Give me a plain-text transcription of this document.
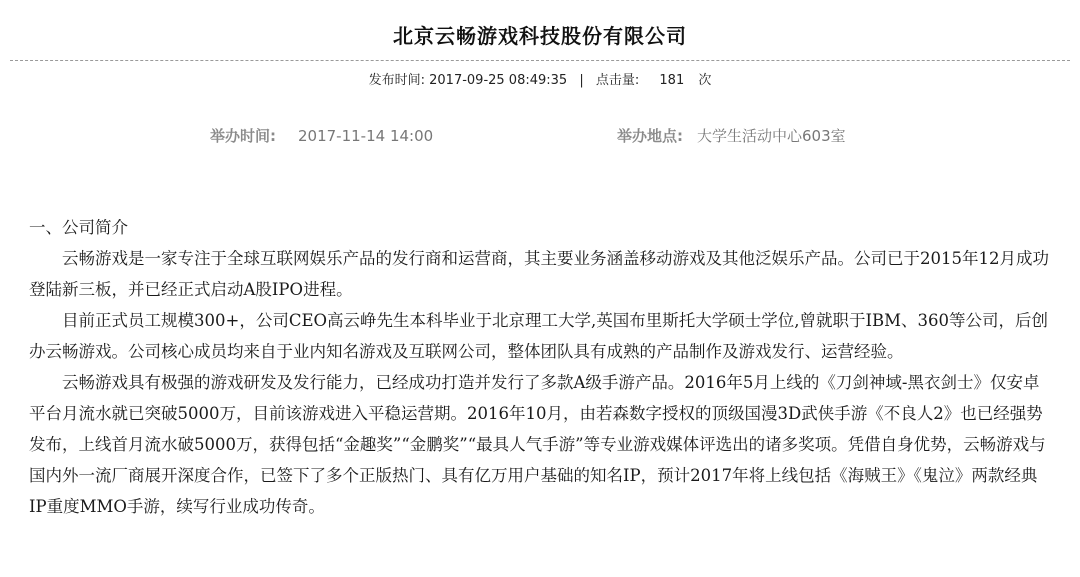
北京云畅游戏科技股份有限公司
发布时间: 2017-09-25 08:49:35 | 点击量: 181 次
举办时间: 2017-11-14 14:00	举办地点: 大学生活动中心603室

一、公司简介

云畅游戏是一家专注于全球互联网娱乐产品的发行商和运营商，其主要业务涵盖移动游戏及其他泛娱乐产品。公司已于2015年12月成功登陆新三板，并已经正式启动A股IPO进程。

目前正式员工规模300+，公司CEO高云峥先生本科毕业于北京理工大学,英国布里斯托大学硕士学位,曾就职于IBM、360等公司，后创办云畅游戏。公司核心成员均来自于业内知名游戏及互联网公司，整体团队具有成熟的产品制作及游戏发行、运营经验。

云畅游戏具有极强的游戏研发及发行能力，已经成功打造并发行了多款A级手游产品。2016年5月上线的《刀剑神域-黑衣剑士》仅安卓平台月流水就已突破5000万，目前该游戏进入平稳运营期。2016年10月，由若森数字授权的顶级国漫3D武侠手游《不良人2》也已经强势发布，上线首月流水破5000万，获得包括“金趣奖”“金鹏奖”“最具人气手游”等专业游戏媒体评选出的诸多奖项。凭借自身优势，云畅游戏与国内外一流厂商展开深度合作，已签下了多个正版热门、具有亿万用户基础的知名IP，预计2017年将上线包括《海贼王》《鬼泣》两款经典IP重度MMO手游，续写行业成功传奇。
